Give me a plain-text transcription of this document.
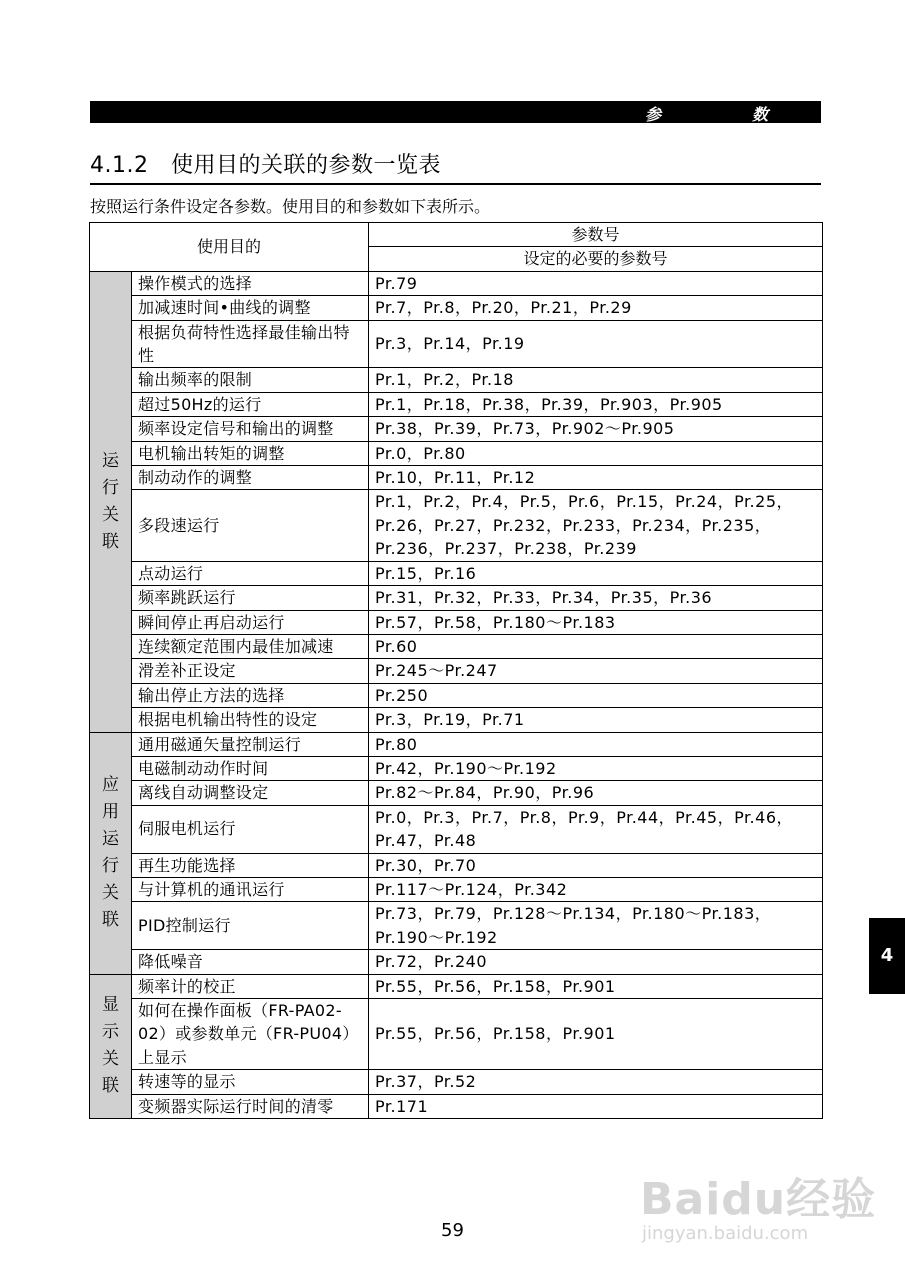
参	数
4.1.2　使用目的关联的参数一览表
按照运行条件设定各参数。使用目的和参数如下表所示。
使用目的		参数号
		设定的必要的参数号
运行关联	操作模式的选择	Pr.79
	加减速时间•曲线的调整	Pr.7，Pr.8，Pr.20，Pr.21，Pr.29
	根据负荷特性选择最佳输出特性	Pr.3，Pr.14，Pr.19
	输出频率的限制	Pr.1，Pr.2，Pr.18
	超过50Hz的运行	Pr.1，Pr.18，Pr.38，Pr.39，Pr.903，Pr.905
	频率设定信号和输出的调整	Pr.38，Pr.39，Pr.73，Pr.902～Pr.905
	电机输出转矩的调整	Pr.0，Pr.80
	制动动作的调整	Pr.10，Pr.11，Pr.12
	多段速运行	Pr.1，Pr.2，Pr.4，Pr.5，Pr.6，Pr.15，Pr.24，Pr.25，Pr.26，Pr.27，Pr.232，Pr.233，Pr.234，Pr.235，Pr.236，Pr.237，Pr.238，Pr.239
	点动运行	Pr.15，Pr.16
	频率跳跃运行	Pr.31，Pr.32，Pr.33，Pr.34，Pr.35，Pr.36
	瞬间停止再启动运行	Pr.57，Pr.58，Pr.180～Pr.183
	连续额定范围内最佳加减速	Pr.60
	滑差补正设定	Pr.245～Pr.247
	输出停止方法的选择	Pr.250
	根据电机输出特性的设定	Pr.3，Pr.19，Pr.71
应用运行关联	通用磁通矢量控制运行	Pr.80
	电磁制动动作时间	Pr.42，Pr.190～Pr.192
	离线自动调整设定	Pr.82～Pr.84，Pr.90，Pr.96
	伺服电机运行	Pr.0，Pr.3，Pr.7，Pr.8，Pr.9，Pr.44，Pr.45，Pr.46，Pr.47，Pr.48
	再生功能选择	Pr.30，Pr.70
	与计算机的通讯运行	Pr.117～Pr.124，Pr.342
	PID控制运行	Pr.73，Pr.79，Pr.128～Pr.134，Pr.180～Pr.183，Pr.190～Pr.192
	降低噪音	Pr.72，Pr.240
显示关联	频率计的校正	Pr.55，Pr.56，Pr.158，Pr.901
	如何在操作面板（FR-PA02-02）或参数单元（FR-PU04）上显示	Pr.55，Pr.56，Pr.158，Pr.901
	转速等的显示	Pr.37，Pr.52
	变频器实际运行时间的清零	Pr.171
4
Baidu经验
jingyan.baidu.com
59
